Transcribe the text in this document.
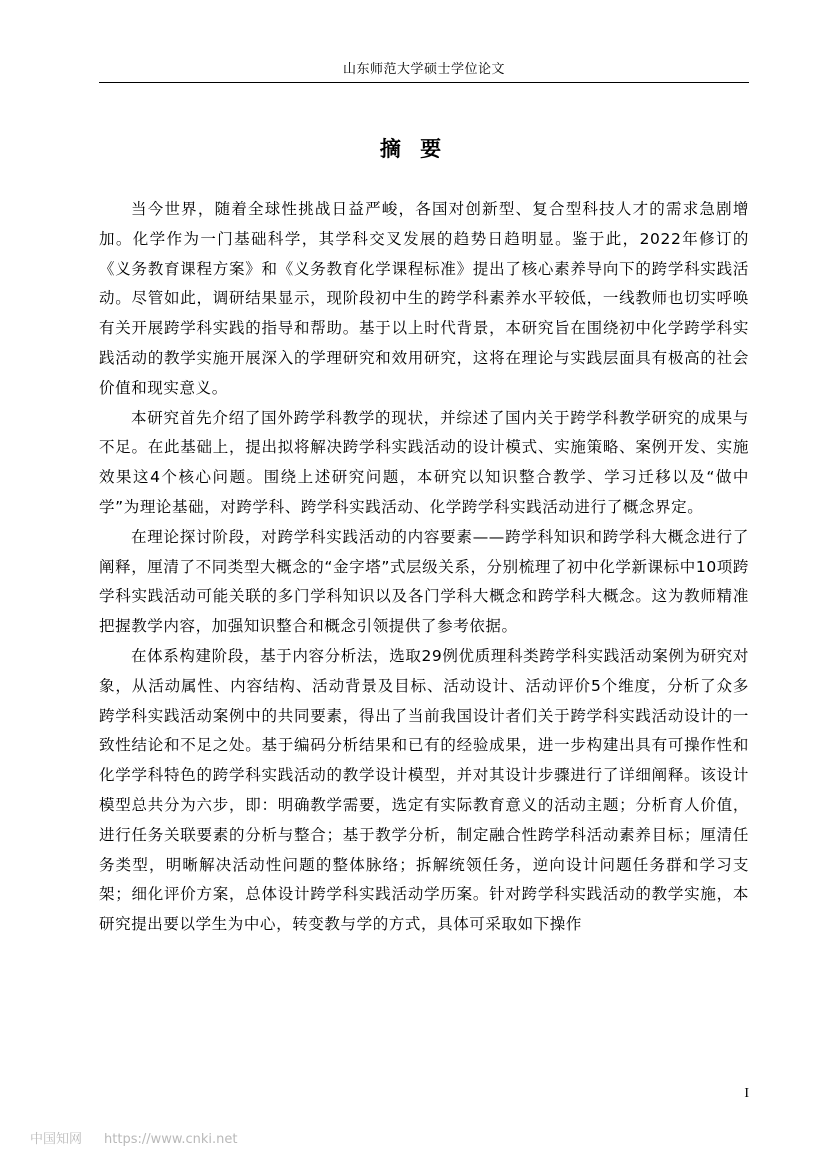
山东师范大学硕士学位论文
摘 要

当今世界，随着全球性挑战日益严峻，各国对创新型、复合型科技人才的需求急剧增加。化学作为一门基础科学，其学科交叉发展的趋势日趋明显。鉴于此，2022年修订的《义务教育课程方案》和《义务教育化学课程标准》提出了核心素养导向下的跨学科实践活动。尽管如此，调研结果显示，现阶段初中生的跨学科素养水平较低，一线教师也切实呼唤有关开展跨学科实践的指导和帮助。基于以上时代背景，本研究旨在围绕初中化学跨学科实践活动的教学实施开展深入的学理研究和效用研究，这将在理论与实践层面具有极高的社会价值和现实意义。

本研究首先介绍了国外跨学科教学的现状，并综述了国内关于跨学科教学研究的成果与不足。在此基础上，提出拟将解决跨学科实践活动的设计模式、实施策略、案例开发、实施效果这4个核心问题。围绕上述研究问题，本研究以知识整合教学、学习迁移以及“做中学”为理论基础，对跨学科、跨学科实践活动、化学跨学科实践活动进行了概念界定。

在理论探讨阶段，对跨学科实践活动的内容要素——跨学科知识和跨学科大概念进行了阐释，厘清了不同类型大概念的“金字塔”式层级关系，分别梳理了初中化学新课标中10项跨学科实践活动可能关联的多门学科知识以及各门学科大概念和跨学科大概念。这为教师精准把握教学内容，加强知识整合和概念引领提供了参考依据。

在体系构建阶段，基于内容分析法，选取29例优质理科类跨学科实践活动案例为研究对象，从活动属性、内容结构、活动背景及目标、活动设计、活动评价5个维度，分析了众多跨学科实践活动案例中的共同要素，得出了当前我国设计者们关于跨学科实践活动设计的一致性结论和不足之处。基于编码分析结果和已有的经验成果，进一步构建出具有可操作性和化学学科特色的跨学科实践活动的教学设计模型，并对其设计步骤进行了详细阐释。该设计模型总共分为六步，即：明确教学需要，选定有实际教育意义的活动主题；分析育人价值，进行任务关联要素的分析与整合；基于教学分析，制定融合性跨学科活动素养目标；厘清任务类型，明晰解决活动性问题的整体脉络；拆解统领任务，逆向设计问题任务群和学习支架；细化评价方案，总体设计跨学科实践活动学历案。针对跨学科实践活动的教学实施，本研究提出要以学生为中心，转变教与学的方式，具体可采取如下操作

I
中国知网 https://www.cnki.net
